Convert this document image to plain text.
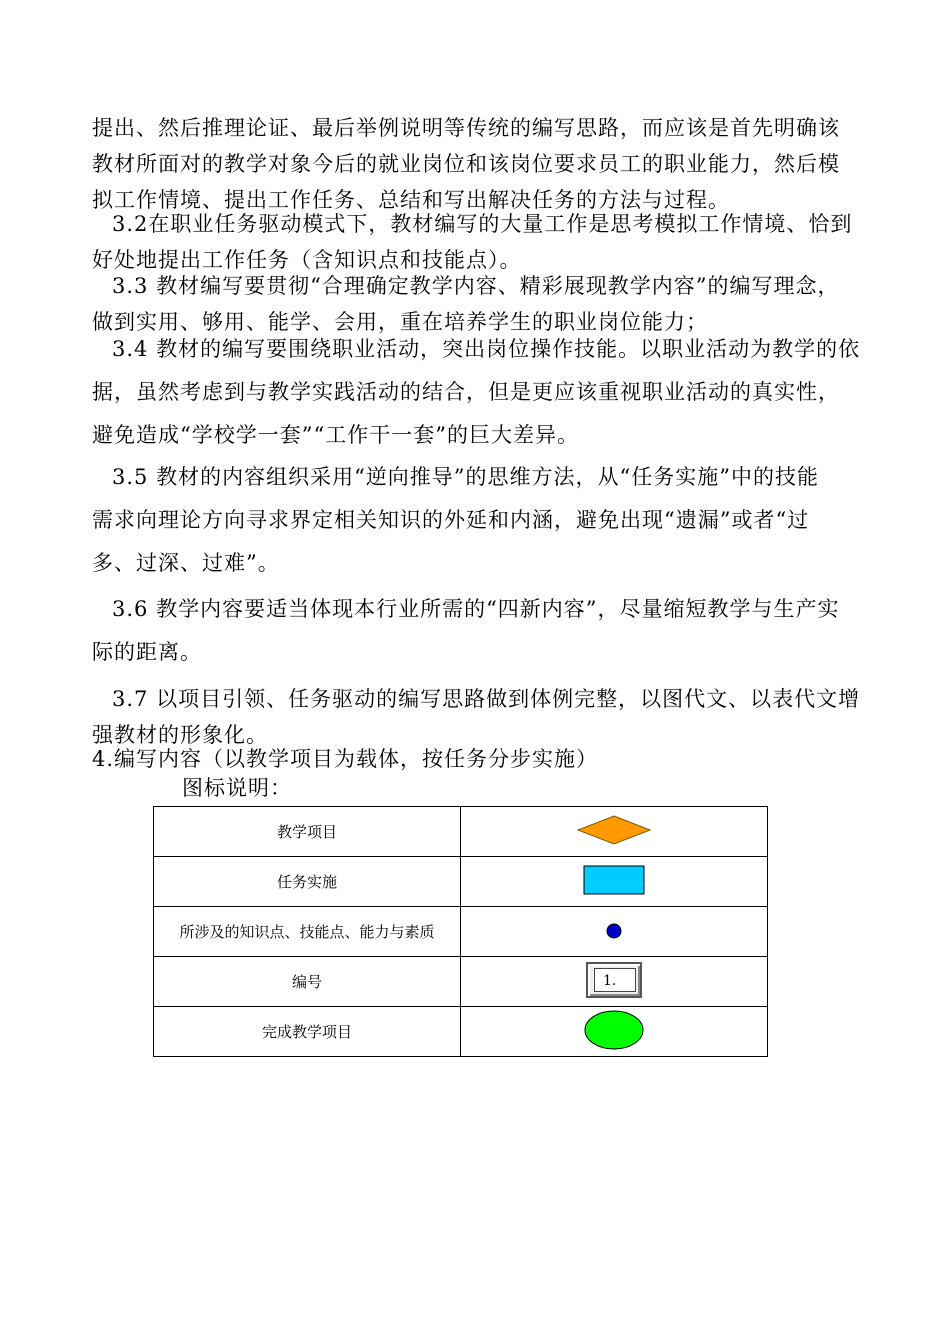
提出、然后推理论证、最后举例说明等传统的编写思路，而应该是首先明确该
教材所面对的教学对象今后的就业岗位和该岗位要求员工的职业能力，然后模
拟工作情境、提出工作任务、总结和写出解决任务的方法与过程。
3.2在职业任务驱动模式下，教材编写的大量工作是思考模拟工作情境、恰到
好处地提出工作任务（含知识点和技能点）。
3.3 教材编写要贯彻“合理确定教学内容、精彩展现教学内容”的编写理念，
做到实用、够用、能学、会用，重在培养学生的职业岗位能力；
3.4 教材的编写要围绕职业活动，突出岗位操作技能。以职业活动为教学的依
据，虽然考虑到与教学实践活动的结合，但是更应该重视职业活动的真实性，
避免造成“学校学一套”“工作干一套”的巨大差异。
3.5 教材的内容组织采用“逆向推导”的思维方法，从“任务实施”中的技能
需求向理论方向寻求界定相关知识的外延和内涵，避免出现“遗漏”或者“过
多、过深、过难”。
3.6 教学内容要适当体现本行业所需的“四新内容”，尽量缩短教学与生产实
际的距离。
3.7 以项目引领、任务驱动的编写思路做到体例完整，以图代文、以表代文增
强教材的形象化。
4.编写内容（以教学项目为载体，按任务分步实施）
图标说明：
教学项目	
任务实施	
所涉及的知识点、技能点、能力与素质	
编号	1.

完成教学项目	
